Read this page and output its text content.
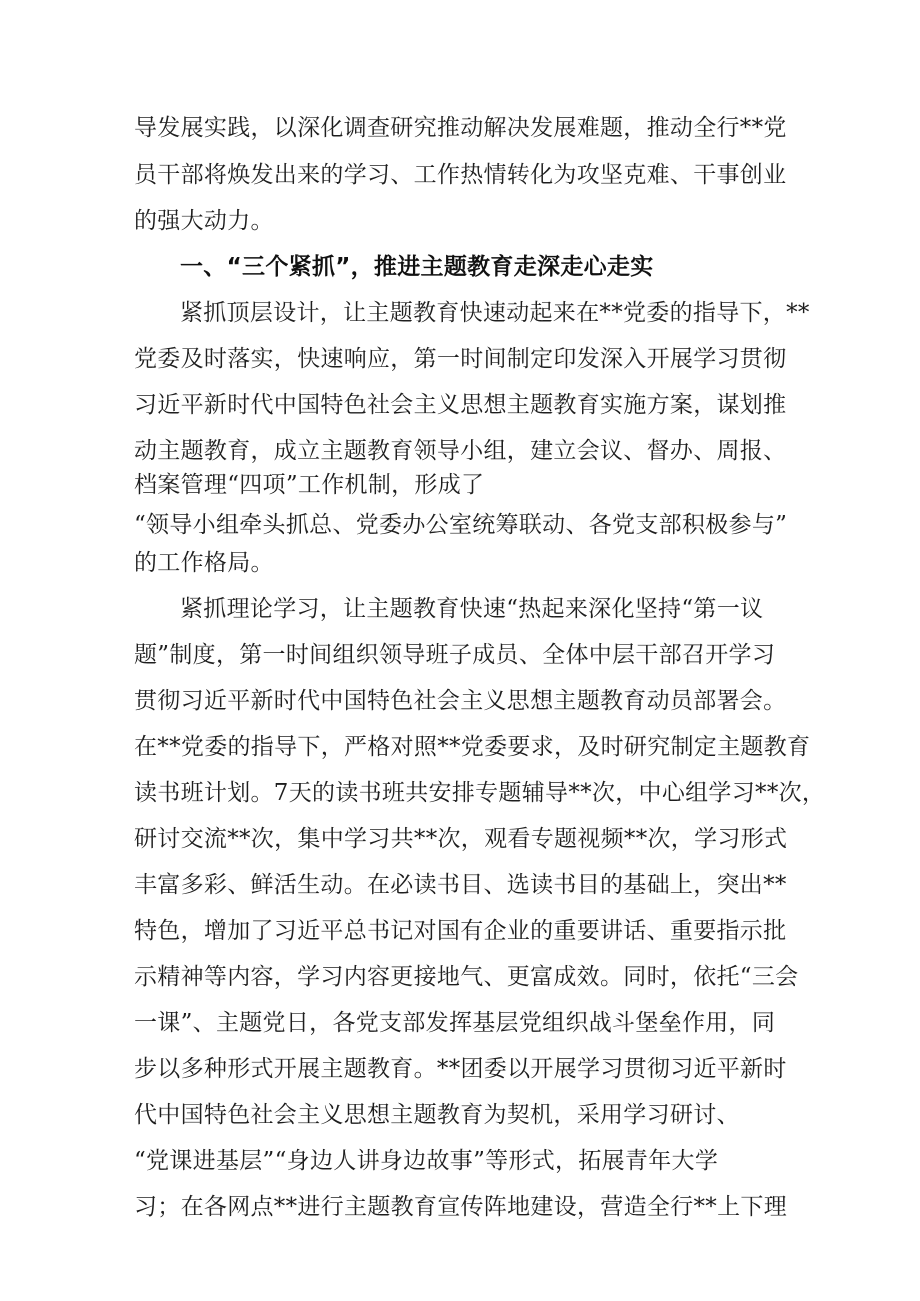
导发展实践，以深化调查研究推动解决发展难题，推动全行**党

员干部将焕发出来的学习、工作热情转化为攻坚克难、干事创业

的强大动力。

一、“三个紧抓”，推进主题教育走深走心走实

紧抓顶层设计，让主题教育快速动起来在**党委的指导下，**

党委及时落实，快速响应，第一时间制定印发深入开展学习贯彻

习近平新时代中国特色社会主义思想主题教育实施方案，谋划推

动主题教育，成立主题教育领导小组，建立会议、督办、周报、

档案管理“四项”工作机制，形成了

“领导小组牵头抓总、党委办公室统筹联动、各党支部积极参与”

的工作格局。

紧抓理论学习，让主题教育快速“热起来深化坚持“第一议

题”制度，第一时间组织领导班子成员、全体中层干部召开学习

贯彻习近平新时代中国特色社会主义思想主题教育动员部署会。

在**党委的指导下，严格对照**党委要求，及时研究制定主题教育

读书班计划。7天的读书班共安排专题辅导**次，中心组学习**次，

研讨交流**次，集中学习共**次，观看专题视频**次，学习形式

丰富多彩、鲜活生动。在必读书目、选读书目的基础上，突出**

特色，增加了习近平总书记对国有企业的重要讲话、重要指示批

示精神等内容，学习内容更接地气、更富成效。同时，依托“三会

一课”、主题党日，各党支部发挥基层党组织战斗堡垒作用，同

步以多种形式开展主题教育。**团委以开展学习贯彻习近平新时

代中国特色社会主义思想主题教育为契机，采用学习研讨、

“党课进基层”“身边人讲身边故事”等形式，拓展青年大学

习；在各网点**进行主题教育宣传阵地建设，营造全行**上下理
